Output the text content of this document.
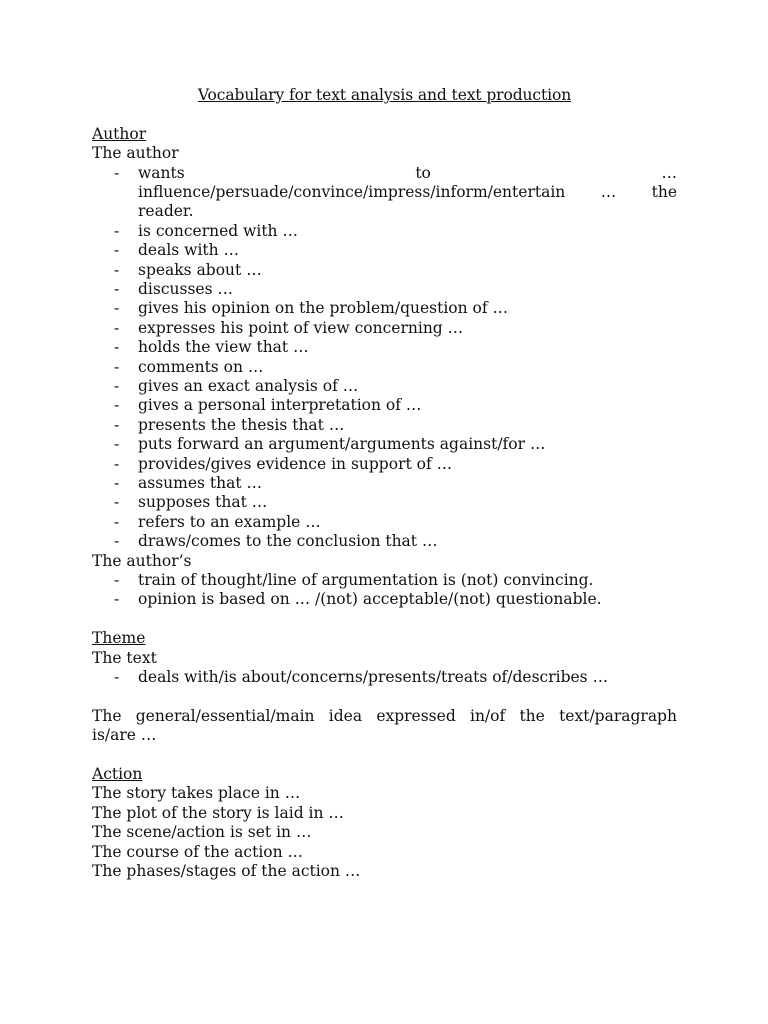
Vocabulary for text analysis and text production
Author
The author
- wants	to	…
influence/persuade/convince/impress/inform/entertain … the
reader.
- is concerned with …
- deals with …
- speaks about …
- discusses …
- gives his opinion on the problem/question of …
- expresses his point of view concerning …
- holds the view that …
- comments on …
- gives an exact analysis of …
- gives a personal interpretation of …
- presents the thesis that …
- puts forward an argument/arguments against/for …
- provides/gives evidence in support of …
- assumes that …
- supposes that …
- refers to an example …
- draws/comes to the conclusion that …
The author’s
- train of thought/line of argumentation is (not) convincing.
- opinion is based on … /(not) acceptable/(not) questionable.
Theme
The text
- deals with/is about/concerns/presents/treats of/describes …
The general/essential/main idea expressed in/of the text/paragraph
is/are …
Action
The story takes place in …
The plot of the story is laid in …
The scene/action is set in …
The course of the action …
The phases/stages of the action …
